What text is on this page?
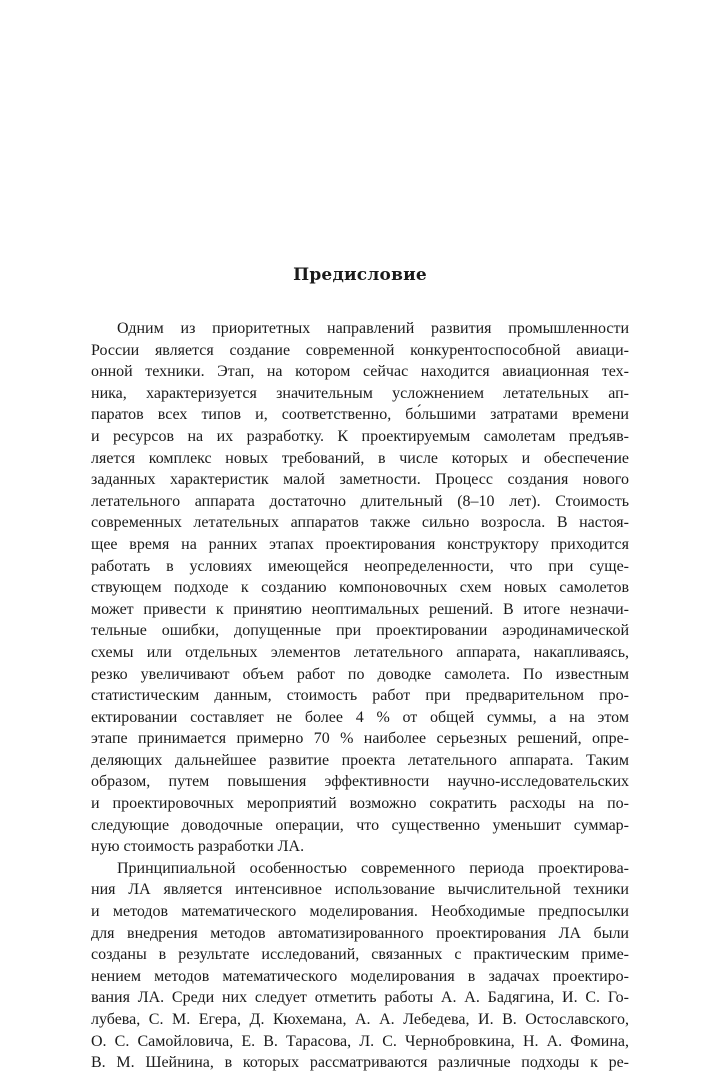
Предисловие
Одним из приоритетных направлений развития промышленности
России является создание современной конкурентоспособной авиаци-
онной техники. Этап, на котором сейчас находится авиационная тех-
ника, характеризуется значительным усложнением летательных ап-
паратов всех типов и, соответственно, бо́льшими затратами времени
и ресурсов на их разработку. К проектируемым самолетам предъяв-
ляется комплекс новых требований, в числе которых и обеспечение
заданных характеристик малой заметности. Процесс создания нового
летательного аппарата достаточно длительный (8–10 лет). Стоимость
современных летательных аппаратов также сильно возросла. В настоя-
щее время на ранних этапах проектирования конструктору приходится
работать в условиях имеющейся неопределенности, что при суще-
ствующем подходе к созданию компоновочных схем новых самолетов
может привести к принятию неоптимальных решений. В итоге незначи-
тельные ошибки, допущенные при проектировании аэродинамической
схемы или отдельных элементов летательного аппарата, накапливаясь,
резко увеличивают объем работ по доводке самолета. По известным
статистическим данным, стоимость работ при предварительном про-
ектировании составляет не более 4 % от общей суммы, а на этом
этапе принимается примерно 70 % наиболее серьезных решений, опре-
деляющих дальнейшее развитие проекта летательного аппарата. Таким
образом, путем повышения эффективности научно-исследовательских
и проектировочных мероприятий возможно сократить расходы на по-
следующие доводочные операции, что существенно уменьшит суммар-
ную стоимость разработки ЛА.
Принципиальной особенностью современного периода проектирова-
ния ЛА является интенсивное использование вычислительной техники
и методов математического моделирования. Необходимые предпосылки
для внедрения методов автоматизированного проектирования ЛА были
созданы в результате исследований, связанных с практическим приме-
нением методов математического моделирования в задачах проектиро-
вания ЛА. Среди них следует отметить работы А. А. Бадягина, И. С. Го-
лубева, С. М. Егера, Д. Кюхемана, А. А. Лебедева, И. В. Остославского,
О. С. Самойловича, Е. В. Тарасова, Л. С. Чернобровкина, Н. А. Фомина,
В. М. Шейнина, в которых рассматриваются различные подходы к ре-
